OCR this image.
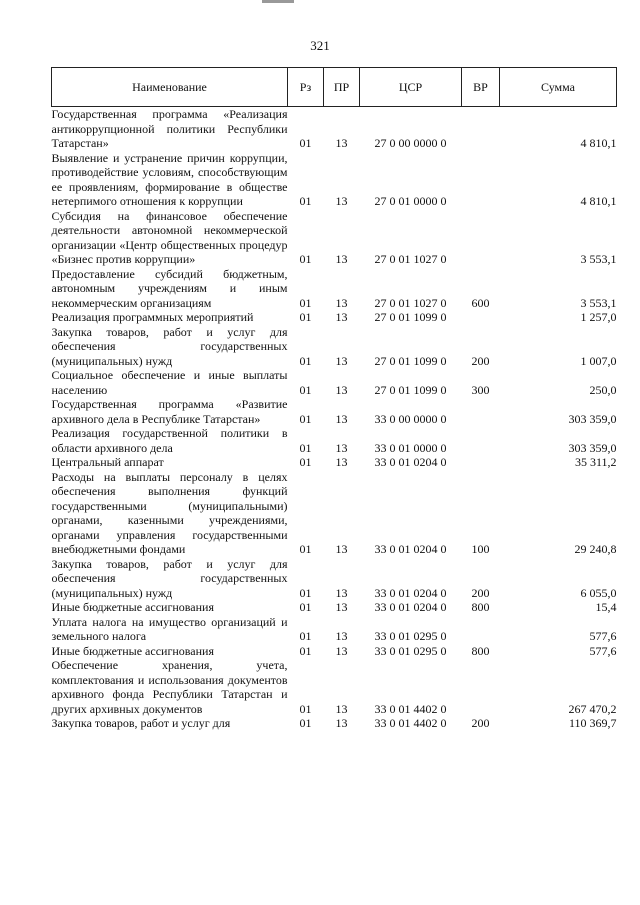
321
Наименование	Рз	ПР	ЦСР	ВР	Сумма
Государственная программа «Реализация антикоррупционной политики Республики Татарстан»	01	13	27 0 00 0000 0		4 810,1
Выявление и устранение причин коррупции, противодействие условиям, способствующим ее проявлениям, формирование в обществе нетерпимого отношения к коррупции	01	13	27 0 01 0000 0		4 810,1
Субсидия на финансовое обеспечение деятельности автономной некоммерческой организации «Центр общественных процедур «Бизнес против коррупции»	01	13	27 0 01 1027 0		3 553,1
Предоставление субсидий бюджетным, автономным учреждениям и иным некоммерческим организациям	01	13	27 0 01 1027 0	600	3 553,1
Реализация программных мероприятий	01	13	27 0 01 1099 0		1 257,0
Закупка товаров, работ и услуг для обеспечения государственных (муниципальных) нужд	01	13	27 0 01 1099 0	200	1 007,0
Социальное обеспечение и иные выплаты населению	01	13	27 0 01 1099 0	300	250,0
Государственная программа «Развитие архивного дела в Республике Татарстан»	01	13	33 0 00 0000 0		303 359,0
Реализация государственной политики в области архивного дела	01	13	33 0 01 0000 0		303 359,0
Центральный аппарат	01	13	33 0 01 0204 0		35 311,2
Расходы на выплаты персоналу в целях обеспечения выполнения функций государственными (муниципальными) органами, казенными учреждениями, органами управления государственными внебюджетными фондами	01	13	33 0 01 0204 0	100	29 240,8
Закупка товаров, работ и услуг для обеспечения государственных (муниципальных) нужд	01	13	33 0 01 0204 0	200	6 055,0
Иные бюджетные ассигнования	01	13	33 0 01 0204 0	800	15,4
Уплата налога на имущество организаций и земельного налога	01	13	33 0 01 0295 0		577,6
Иные бюджетные ассигнования	01	13	33 0 01 0295 0	800	577,6
Обеспечение хранения, учета, комплектования и использования документов архивного фонда Республики Татарстан и других архивных документов	01	13	33 0 01 4402 0		267 470,2
Закупка товаров, работ и услуг для	01	13	33 0 01 4402 0	200	110 369,7
